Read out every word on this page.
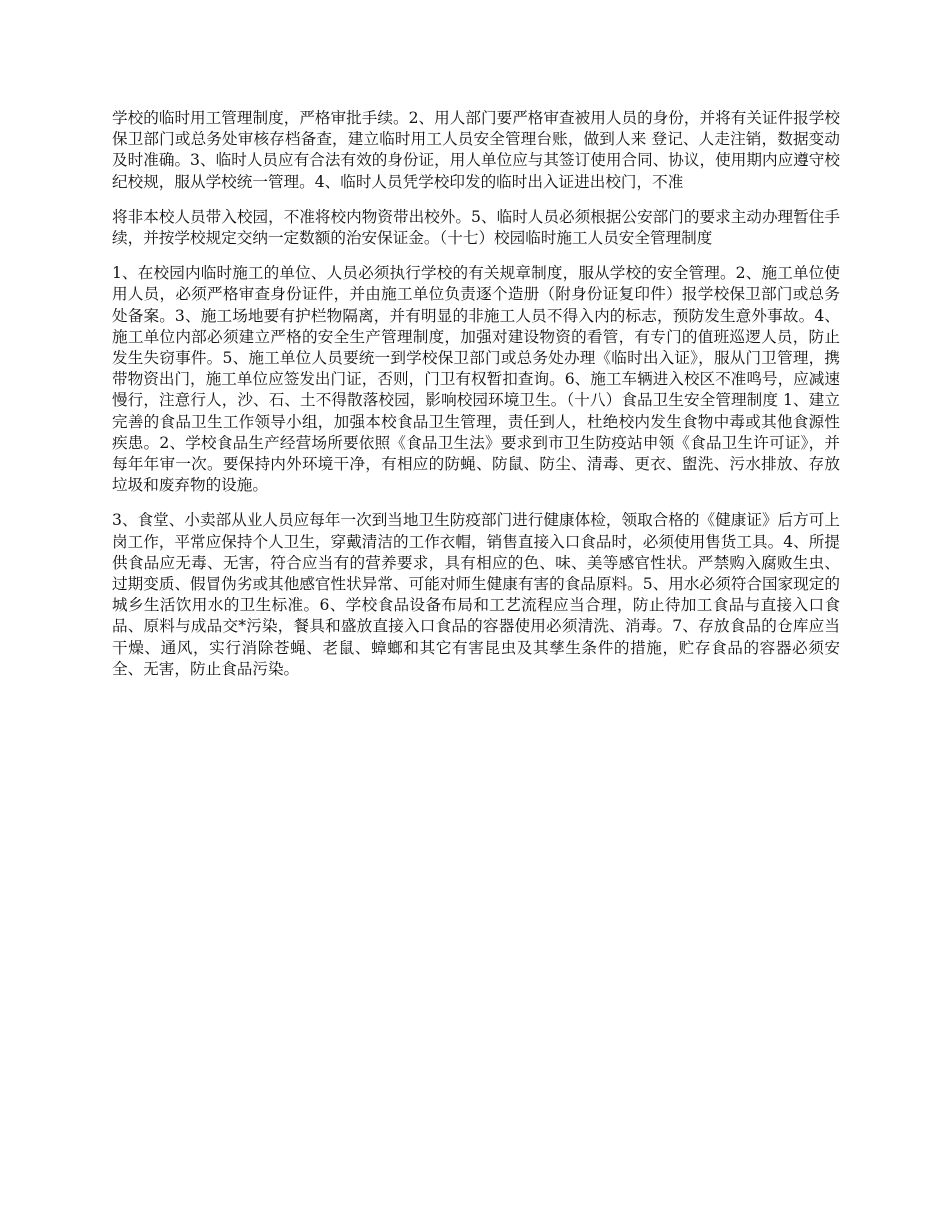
学校的临时用工管理制度，严格审批手续。2、用人部门要严格审查被用人员的身份，并将有关证件报学校保卫部门或总务处审核存档备查，建立临时用工人员安全管理台账，做到人来 登记、人走注销，数据变动及时准确。3、临时人员应有合法有效的身份证，用人单位应与其签订使用合同、协议，使用期内应遵守校纪校规，服从学校统一管理。4、临时人员凭学校印发的临时出入证进出校门，不准

将非本校人员带入校园，不准将校内物资带出校外。5、临时人员必须根据公安部门的要求主动办理暂住手续，并按学校规定交纳一定数额的治安保证金。（十七）校园临时施工人员安全管理制度

1、在校园内临时施工的单位、人员必须执行学校的有关规章制度，服从学校的安全管理。2、施工单位使用人员，必须严格审查身份证件，并由施工单位负责逐个造册（附身份证复印件）报学校保卫部门或总务处备案。3、施工场地要有护栏物隔离，并有明显的非施工人员不得入内的标志，预防发生意外事故。4、施工单位内部必须建立严格的安全生产管理制度，加强对建设物资的看管，有专门的值班巡逻人员，防止发生失窃事件。5、施工单位人员要统一到学校保卫部门或总务处办理《临时出入证》，服从门卫管理，携带物资出门，施工单位应签发出门证，否则，门卫有权暂扣查询。6、施工车辆进入校区不准鸣号，应减速慢行，注意行人，沙、石、土不得散落校园，影响校园环境卫生。（十八）食品卫生安全管理制度 1、建立完善的食品卫生工作领导小组，加强本校食品卫生管理，责任到人，杜绝校内发生食物中毒或其他食源性疾患。2、学校食品生产经营场所要依照《食品卫生法》要求到市卫生防疫站申领《食品卫生许可证》，并每年年审一次。要保持内外环境干净，有相应的防蝇、防鼠、防尘、清毒、更衣、盥洗、污水排放、存放垃圾和废弃物的设施。

3、食堂、小卖部从业人员应每年一次到当地卫生防疫部门进行健康体检，领取合格的《健康证》后方可上岗工作，平常应保持个人卫生，穿戴清洁的工作衣帽，销售直接入口食品时，必须使用售货工具。4、所提供食品应无毒、无害，符合应当有的营养要求，具有相应的色、味、美等感官性状。严禁购入腐败生虫、过期变质、假冒伪劣或其他感官性状异常、可能对师生健康有害的食品原料。5、用水必须符合国家现定的城乡生活饮用水的卫生标准。6、学校食品设备布局和工艺流程应当合理，防止待加工食品与直接入口食品、原料与成品交*污染，餐具和盛放直接入口食品的容器使用必须清洗、消毒。7、存放食品的仓库应当干燥、通风，实行消除苍蝇、老鼠、蟑螂和其它有害昆虫及其孳生条件的措施，贮存食品的容器必须安全、无害，防止食品污染。
